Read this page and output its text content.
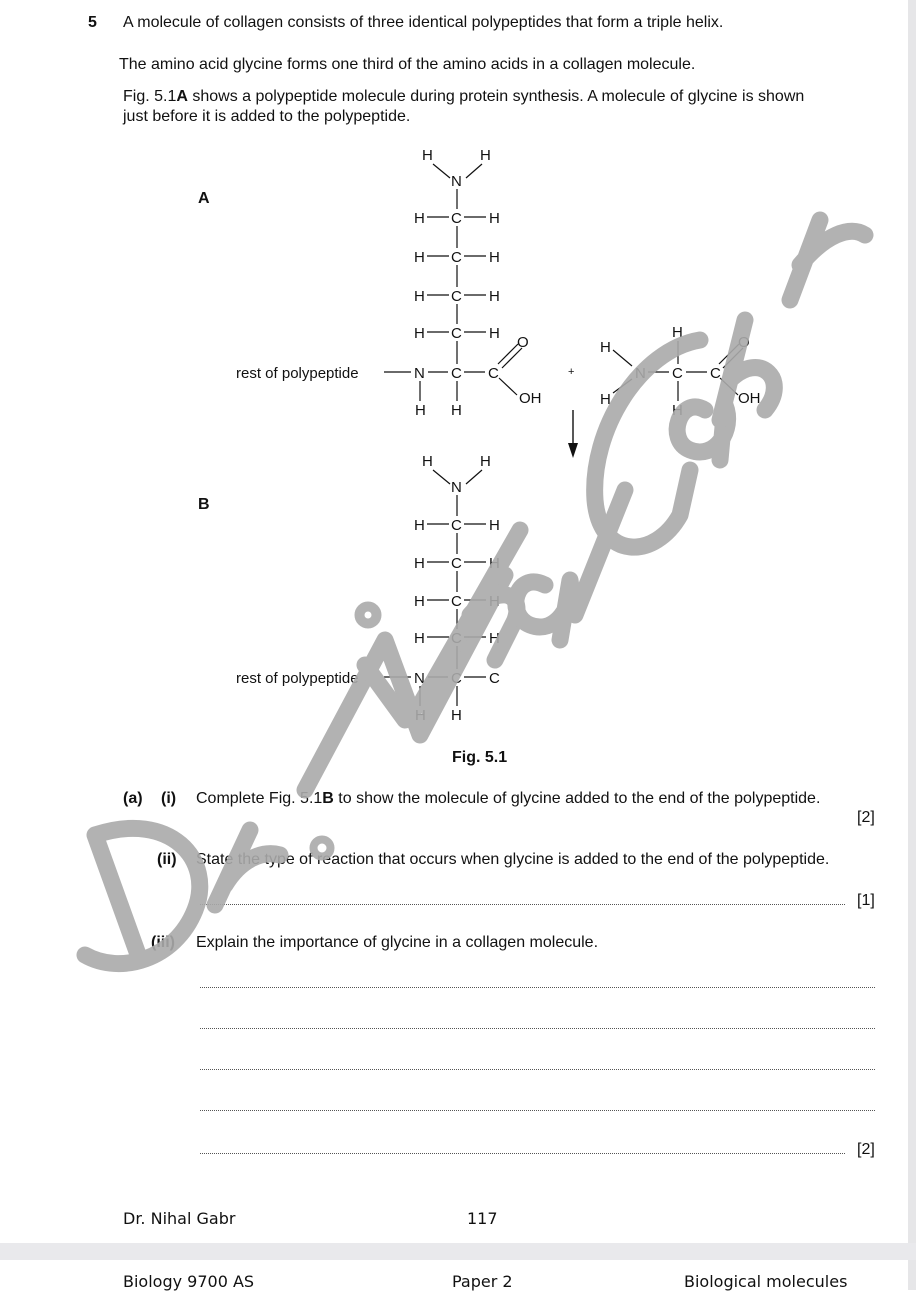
5 A molecule of collagen consists of three identical polypeptides that form a triple helix.
The amino acid glycine forms one third of the amino acids in a collagen molecule.
Fig. 5.1A shows a polypeptide molecule during protein synthesis. A molecule of glycine is shown
just before it is added to the polypeptide.
A
H	H
N
H C H
H C H
H C H
H C H
O
rest of polypeptide	N C C
OH
H H
+
H
H
N
H
C
H
C
O
OH
B
H	H
N
H C H
H C H
H C H
H C H
rest of polypeptide	N C C
H H
Fig. 5.1
(a) (i) Complete Fig. 5.1B to show the molecule of glycine added to the end of the polypeptide.
[2]
(ii) State the type of reaction that occurs when glycine is added to the end of the polypeptide.
[1]
(iii) Explain the importance of glycine in a collagen molecule.
[2]
Dr. Nihal Gabr	117
Biology 9700 AS	Paper 2	Biological molecules
